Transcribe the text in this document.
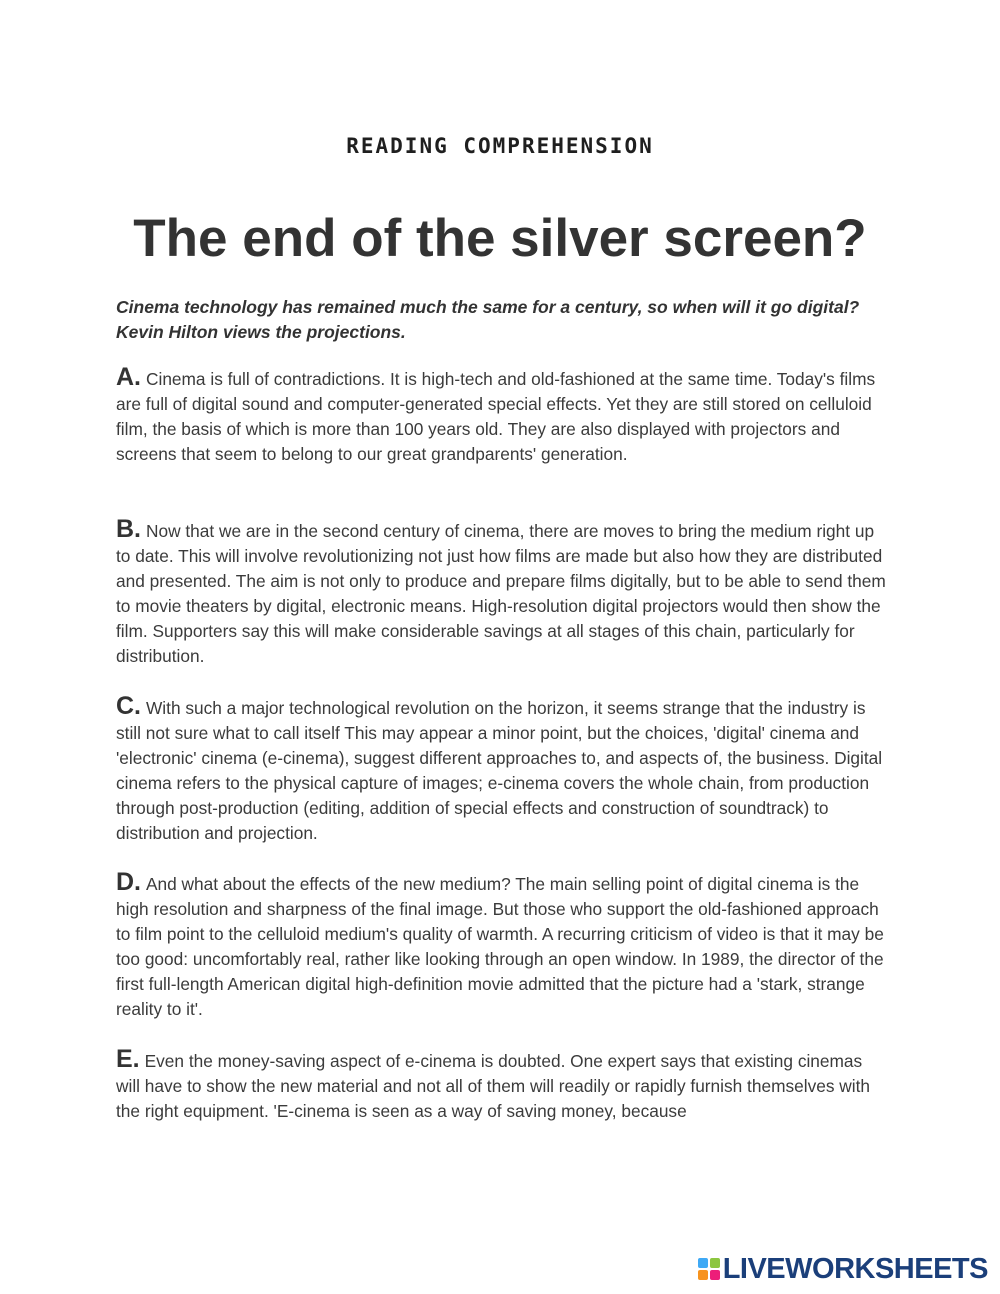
READING COMPREHENSION
The end of the silver screen?

Cinema technology has remained much the same for a century, so when will it go digital? Kevin Hilton views the projections.

A. Cinema is full of contradictions. It is high-tech and old-fashioned at the same time. Today's films are full of digital sound and computer-generated special effects. Yet they are still stored on celluloid film, the basis of which is more than 100 years old. They are also displayed with projectors and screens that seem to belong to our great grandparents' generation.

B. Now that we are in the second century of cinema, there are moves to bring the medium right up to date. This will involve revolutionizing not just how films are made but also how they are distributed and presented. The aim is not only to produce and prepare films digitally, but to be able to send them to movie theaters by digital, electronic means. High-resolution digital projectors would then show the film. Supporters say this will make considerable savings at all stages of this chain, particularly for distribution.

C. With such a major technological revolution on the horizon, it seems strange that the industry is still not sure what to call itself This may appear a minor point, but the choices, 'digital' cinema and 'electronic' cinema (e-cinema), suggest different approaches to, and aspects of, the business. Digital cinema refers to the physical capture of images; e-cinema covers the whole chain, from production through post-production (editing, addition of special effects and construction of soundtrack) to distribution and projection.

D. And what about the effects of the new medium? The main selling point of digital cinema is the high resolution and sharpness of the final image. But those who support the old-fashioned approach to film point to the celluloid medium's quality of warmth. A recurring criticism of video is that it may be too good: uncomfortably real, rather like looking through an open window. In 1989, the director of the first full-length American digital high-definition movie admitted that the picture had a 'stark, strange reality to it'.

E. Even the money-saving aspect of e-cinema is doubted. One expert says that existing cinemas will have to show the new material and not all of them will readily or rapidly furnish themselves with the right equipment. 'E-cinema is seen as a way of saving money, because

LIVEWORKSHEETS
